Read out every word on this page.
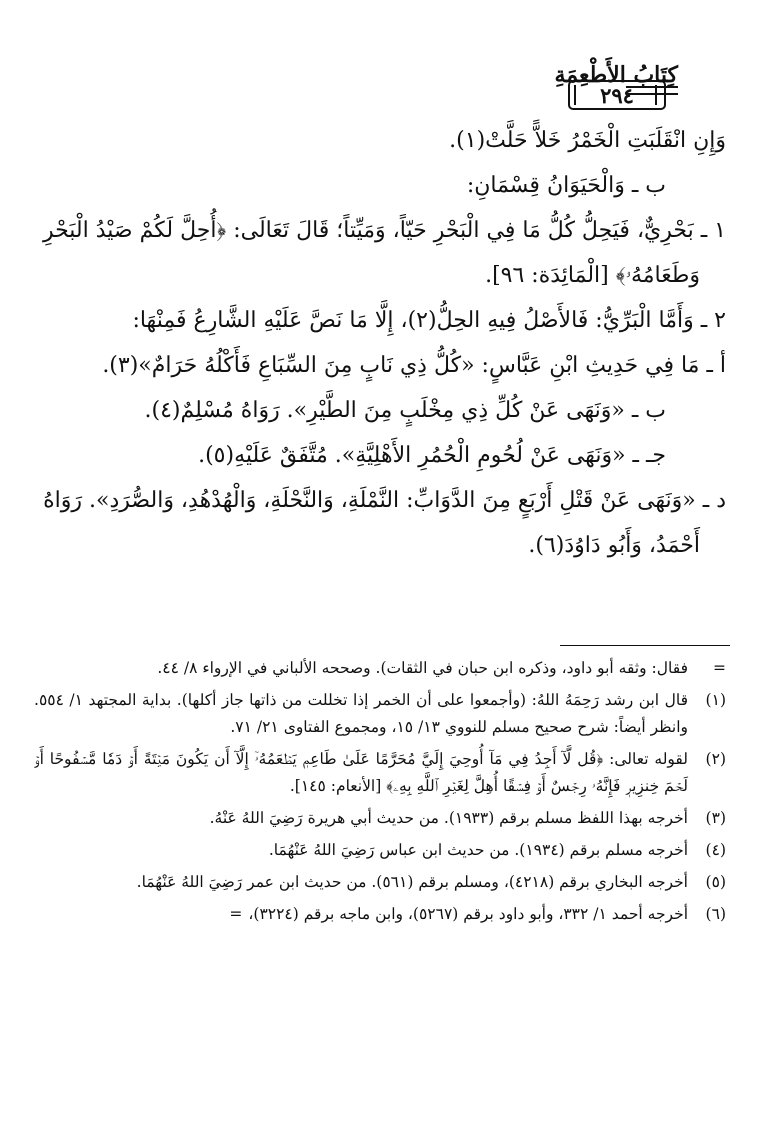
كِتَابُ الأَطْعِمَةِ
٢٩٤

وَإِنِ انْقَلَبَتِ الْخَمْرُ خَلاًّ حَلَّتْ(١).

ب ـ وَالْحَيَوَانُ قِسْمَانِ:

١ ـ بَحْرِيٌّ، فَيَحِلُّ كُلُّ مَا فِي الْبَحْرِ حَيّاً، وَمَيِّتاً؛ قَالَ تَعَالَى: ﴿أُحِلَّ لَكُمْ صَيْدُ الْبَحْرِ وَطَعَامُهُۥ﴾ [الْمَائِدَة: ٩٦].

٢ ـ وَأَمَّا الْبَرِّيُّ: فَالأَصْلُ فِيهِ الحِلُّ(٢)، إِلَّا مَا نَصَّ عَلَيْهِ الشَّارِعُ فَمِنْهَا:

أ ـ مَا فِي حَدِيثِ ابْنِ عَبَّاسٍ: «كُلُّ ذِي نَابٍ مِنَ السِّبَاعِ فَأَكْلُهُ حَرَامٌ»(٣).

ب ـ «وَنَهَى عَنْ كُلِّ ذِي مِخْلَبٍ مِنَ الطَّيْرِ». رَوَاهُ مُسْلِمٌ(٤).

جـ ـ «وَنَهَى عَنْ لُحُومِ الْحُمُرِ الأَهْلِيَّةِ». مُتَّفَقٌ عَلَيْهِ(٥).

د ـ «وَنَهَى عَنْ قَتْلِ أَرْبَعٍ مِنَ الدَّوَابِّ: النَّمْلَةِ، وَالنَّحْلَةِ، وَالْهُدْهُدِ، وَالصُّرَدِ». رَوَاهُ أَحْمَدُ، وَأَبُو دَاوُدَ(٦).

=
فقال: وثقه أبو داود، وذكره ابن حبان في الثقات). وصححه الألباني في الإرواء ٨/ ٤٤.
(١)
قال ابن رشد رَحِمَهُ اللهُ: (وأجمعوا على أن الخمر إذا تخللت من ذاتها جاز أكلها). بداية المجتهد ١/ ٥٥٤. وانظر أيضاً: شرح صحيح مسلم للنووي ١٣/ ١٥، ومجموع الفتاوى ٢١/ ٧١.
(٢)
لقوله تعالى: ﴿قُل لَّآ أَجِدُ فِي مَآ أُوحِيَ إِلَيَّ مُحَرَّمًا عَلَىٰ طَاعِمٖ يَطۡعَمُهُۥٓ إِلَّآ أَن يَكُونَ مَيۡتَةً أَوۡ دَمٗا مَّسۡفُوحًا أَوۡ لَحۡمَ خِنزِيرٖ فَإِنَّهُۥ رِجۡسٌ أَوۡ فِسۡقًا أُهِلَّ لِغَيۡرِ ٱللَّهِ بِهِۦ﴾ [الأنعام: ١٤٥].
(٣)
أخرجه بهذا اللفظ مسلم برقم (١٩٣٣). من حديث أبي هريرة رَضِيَ اللهُ عَنْهُ.
(٤)
أخرجه مسلم برقم (١٩٣٤). من حديث ابن عباس رَضِيَ اللهُ عَنْهُمَا.
(٥)
أخرجه البخاري برقم (٤٢١٨)، ومسلم برقم (٥٦١). من حديث ابن عمر رَضِيَ اللهُ عَنْهُمَا.
(٦)
أخرجه أحمد ١/ ٣٣٢، وأبو داود برقم (٥٢٦٧)، وابن ماجه برقم (٣٢٢٤)،=
